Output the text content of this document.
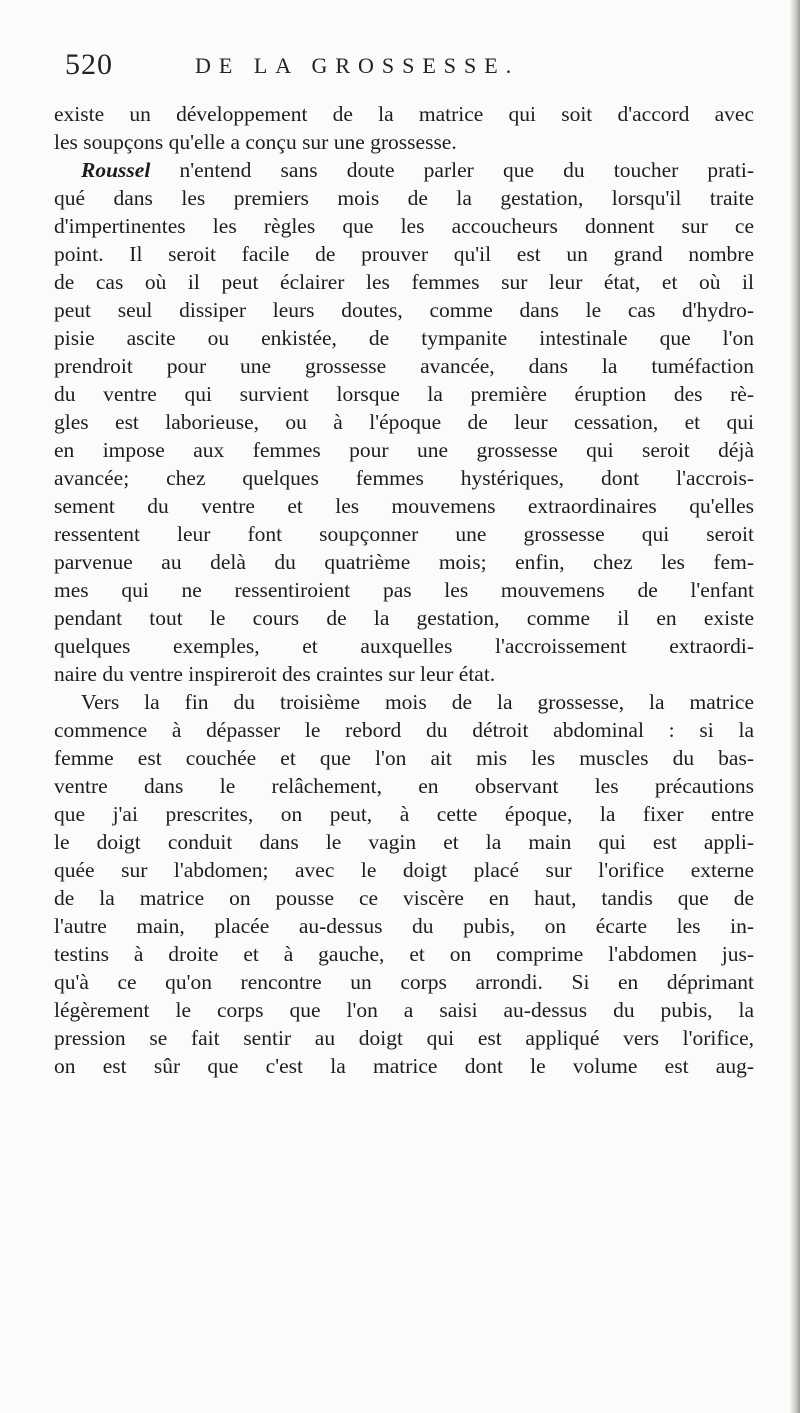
520	DE LA GROSSESSE.
existe un développement de la matrice qui soit d'accord avec
les soupçons qu'elle a conçu sur une grossesse.
Roussel n'entend sans doute parler que du toucher prati-
qué dans les premiers mois de la gestation, lorsqu'il traite
d'impertinentes les règles que les accoucheurs donnent sur ce
point. Il seroit facile de prouver qu'il est un grand nombre
de cas où il peut éclairer les femmes sur leur état, et où il
peut seul dissiper leurs doutes, comme dans le cas d'hydro-
pisie ascite ou enkistée, de tympanite intestinale que l'on
prendroit pour une grossesse avancée, dans la tuméfaction
du ventre qui survient lorsque la première éruption des rè-
gles est laborieuse, ou à l'époque de leur cessation, et qui
en impose aux femmes pour une grossesse qui seroit déjà
avancée; chez quelques femmes hystériques, dont l'accrois-
sement du ventre et les mouvemens extraordinaires qu'elles
ressentent leur font soupçonner une grossesse qui seroit
parvenue au delà du quatrième mois; enfin, chez les fem-
mes qui ne ressentiroient pas les mouvemens de l'enfant
pendant tout le cours de la gestation, comme il en existe
quelques exemples, et auxquelles l'accroissement extraordi-
naire du ventre inspireroit des craintes sur leur état.
Vers la fin du troisième mois de la grossesse, la matrice
commence à dépasser le rebord du détroit abdominal : si la
femme est couchée et que l'on ait mis les muscles du bas-
ventre dans le relâchement, en observant les précautions
que j'ai prescrites, on peut, à cette époque, la fixer entre
le doigt conduit dans le vagin et la main qui est appli-
quée sur l'abdomen; avec le doigt placé sur l'orifice externe
de la matrice on pousse ce viscère en haut, tandis que de
l'autre main, placée au-dessus du pubis, on écarte les in-
testins à droite et à gauche, et on comprime l'abdomen jus-
qu'à ce qu'on rencontre un corps arrondi. Si en déprimant
légèrement le corps que l'on a saisi au-dessus du pubis, la
pression se fait sentir au doigt qui est appliqué vers l'orifice,
on est sûr que c'est la matrice dont le volume est aug-
